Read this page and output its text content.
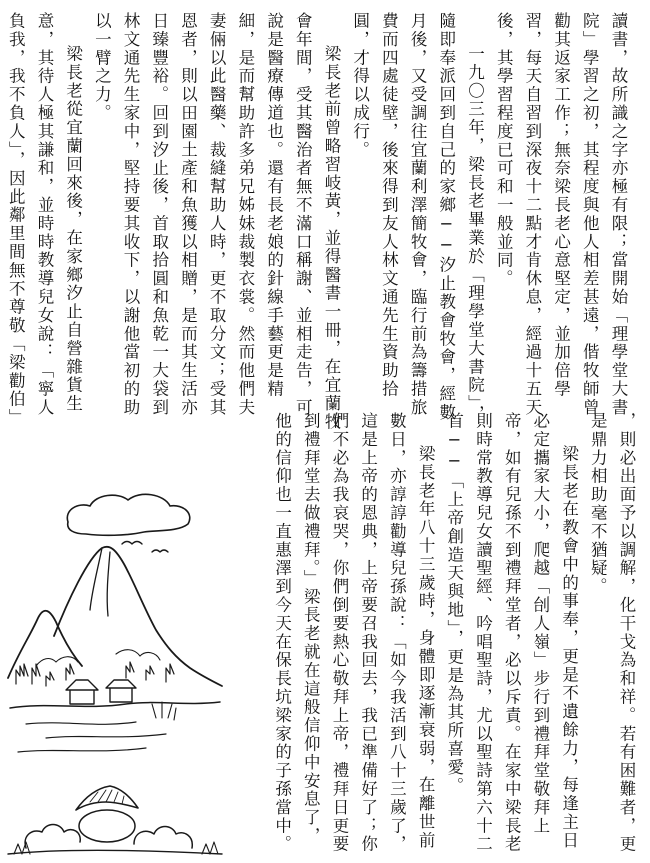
讀書，故所識之字亦極有限；當開始「理學堂大書院」學習之初，其程度與他人相差甚遠，偕牧師曾勸其返家工作；無奈梁長老心意堅定，並加倍學習，每天自習到深夜十二點才肯休息，經過十五天後，其學習程度已可和一般並同。

一九〇三年，梁長老畢業於「理學堂大書院」，隨即奉派回到自己的家鄉──汐止教會牧會，經數月後，又受調往宜蘭利澤簡牧會，臨行前為籌措旅費而四處徒壁，後來得到友人林文通先生資助拾圓，才得以成行。

梁長老前曾略習岐黃，並得醫書一冊，在宜蘭牧會年間，受其醫治者無不滿口稱謝、並相走告，可說是醫療傳道也。還有長老娘的針線手藝更是精細，是而幫助許多弟兄姊妹裁製衣裳。然而他們夫妻倆以此醫藥、裁縫幫助人時，更不取分文；受其恩者，則以田園土產和魚獲以相贈，是而其生活亦日臻豐裕。回到汐止後，首取拾圓和魚乾一大袋到林文通先生家中，堅持要其收下，以謝他當初的助以一臂之力。

梁長老從宜蘭回來後，在家鄉汐止自營雜貨生意，其待人極其謙和，並時時教導兒女說：「寧人負我，我不負人」，因此鄰里間無不尊敬「梁勸伯」	，則必出面予以調解，化干戈為和祥。若有困難者，更是鼎力相助毫不猶疑。

梁長老在教會中的事奉，更是不遺餘力，每逢主日必定攜家大小，爬越「刣人嶺」步行到禮拜堂敬拜上帝，如有兒孫不到禮拜堂者，必以斥責。在家中梁長老則時常教導兒女讀聖經、吟唱聖詩，尤以聖詩第六十二首──「上帝創造天與地」，更是為其所喜愛。

梁長老年八十三歲時，身體即逐漸衰弱，在離世前數日，亦諄諄勸導兒孫說：「如今我活到八十三歲了，這是上帝的恩典，上帝要召我回去，我已準備好了；你們不必為我哀哭，你們倒要熱心敬拜上帝，禮拜日更要到禮拜堂去做禮拜。」梁長老就在這般信仰中安息了，他的信仰也一直惠澤到今天在保長坑梁家的子孫當中。
